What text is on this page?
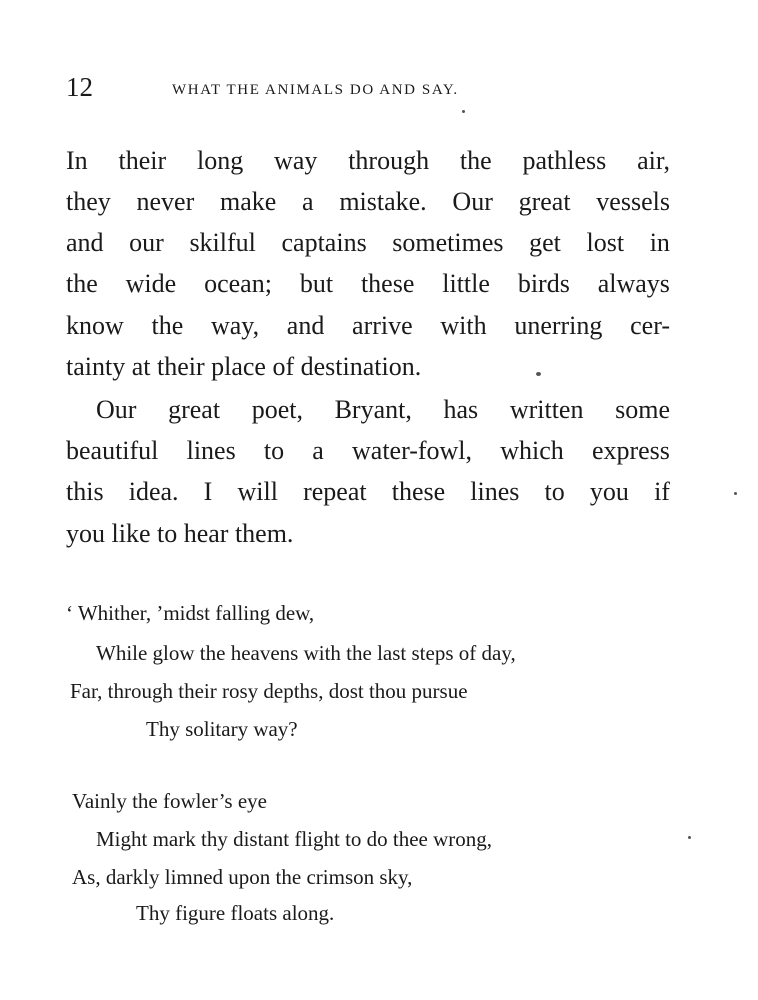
12	WHAT THE ANIMALS DO AND SAY.
In their long way through the pathless air,
they never make a mistake. Our great vessels
and our skilful captains sometimes get lost in
the wide ocean; but these little birds always
know the way, and arrive with unerring cer-
tainty at their place of destination.
Our great poet, Bryant, has written some
beautiful lines to a water-fowl, which express
this idea. I will repeat these lines to you if
you like to hear them.
‘ Whither, ’midst falling dew,
While glow the heavens with the last steps of day,
Far, through their rosy depths, dost thou pursue
Thy solitary way?
Vainly the fowler’s eye
Might mark thy distant flight to do thee wrong,
As, darkly limned upon the crimson sky,
Thy figure floats along.
